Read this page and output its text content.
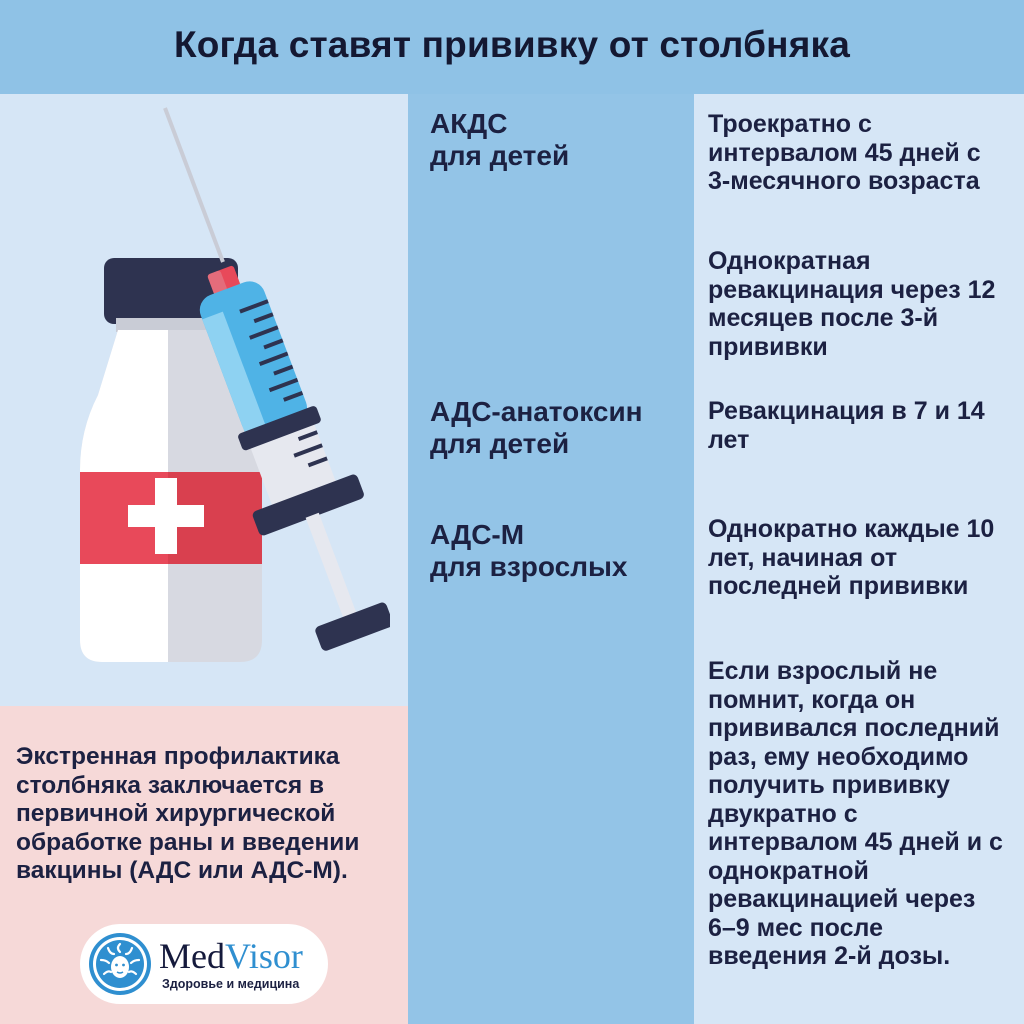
Когда ставят прививку от столбняка
АКДС
для детей
АДС-анатоксин
для детей
АДС-М
для взрослых
Троекратно с интервалом 45 дней с 3-месячного возраста
Однократная ревакцинация через 12 месяцев после 3-й прививки
Ревакцинация в 7 и 14 лет
Однократно каждые 10 лет, начиная от последней прививки
Если взрослый не помнит, когда он прививался последний раз, ему необходимо получить прививку двукратно с интервалом 45 дней и с однократной ревакцинацией через 6–9 мес после введения 2-й дозы.
Экстренная профилактика столбняка заключается в первичной хирургической обработке раны и введении вакцины (АДС или АДС-М).
MedVisor
Здоровье и медицина
